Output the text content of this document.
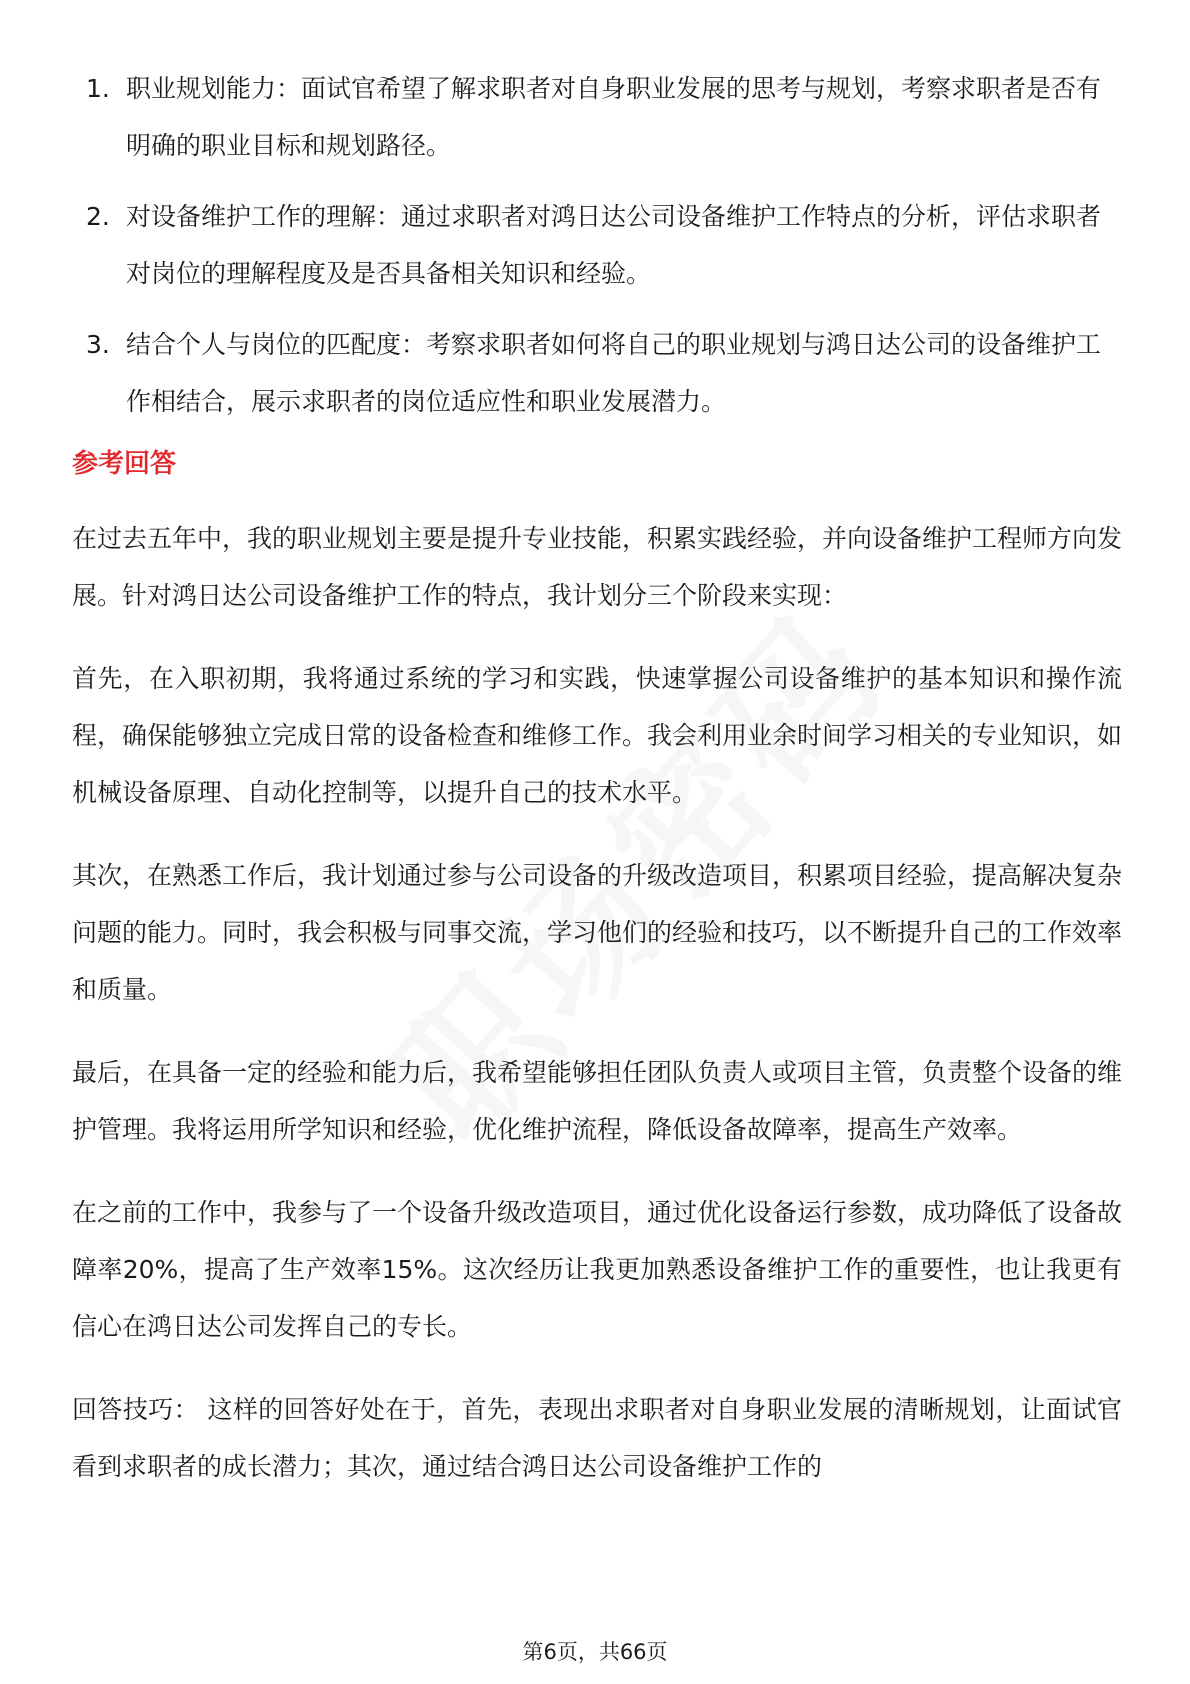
1. 职业规划能力：面试官希望了解求职者对自身职业发展的思考与规划，考察求职者是否有明确的职业目标和规划路径。
2. 对设备维护工作的理解：通过求职者对鸿日达公司设备维护工作特点的分析，评估求职者对岗位的理解程度及是否具备相关知识和经验。
3. 结合个人与岗位的匹配度：考察求职者如何将自己的职业规划与鸿日达公司的设备维护工作相结合，展示求职者的岗位适应性和职业发展潜力。
参考回答

在过去五年中，我的职业规划主要是提升专业技能，积累实践经验，并向设备维护工程师方向发展。针对鸿日达公司设备维护工作的特点，我计划分三个阶段来实现：

首先，在入职初期，我将通过系统的学习和实践，快速掌握公司设备维护的基本知识和操作流程，确保能够独立完成日常的设备检查和维修工作。我会利用业余时间学习相关的专业知识，如机械设备原理、自动化控制等，以提升自己的技术水平。

其次，在熟悉工作后，我计划通过参与公司设备的升级改造项目，积累项目经验，提高解决复杂问题的能力。同时，我会积极与同事交流，学习他们的经验和技巧，以不断提升自己的工作效率和质量。

最后，在具备一定的经验和能力后，我希望能够担任团队负责人或项目主管，负责整个设备的维护管理。我将运用所学知识和经验，优化维护流程，降低设备故障率，提高生产效率。

在之前的工作中，我参与了一个设备升级改造项目，通过优化设备运行参数，成功降低了设备故障率20%，提高了生产效率15%。这次经历让我更加熟悉设备维护工作的重要性，也让我更有信心在鸿日达公司发挥自己的专长。

回答技巧： 这样的回答好处在于，首先，表现出求职者对自身职业发展的清晰规划，让面试官看到求职者的成长潜力；其次，通过结合鸿日达公司设备维护工作的

第6页，共66页
